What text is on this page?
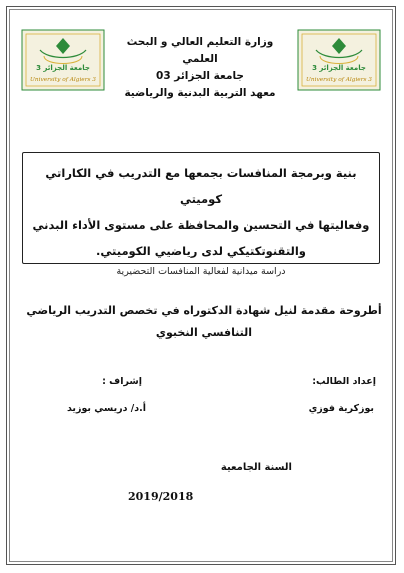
جامعة الجزائر 3
University of Algiers 3
جامعة الجزائر 3
University of Algiers 3
وزارة التعليم العالي و البحث العلمي
جامعة الجزائر 03
معهد التربية البدنية والرياضية
بنية وبرمجة المنافسات بجمعها مع التدريب في الكاراتي كوميتي
وفعاليتها في التحسين والمحافظة على مستوى الأداء البدني
والتقنوتكتيكي لدى رياضيي الكوميتي.
دراسة ميدانية لفعالية المنافسات التحضيرية
أطروحة مقدمة لنيل شهادة الدكتوراه في تخصص التدريب الرياضي
التنافسي النخبوي
إعداد الطالب:
إشراف :
بوزكرية فوزي
أ.د/ دريسي بوزيد
السنة الجامعية
2019/2018
